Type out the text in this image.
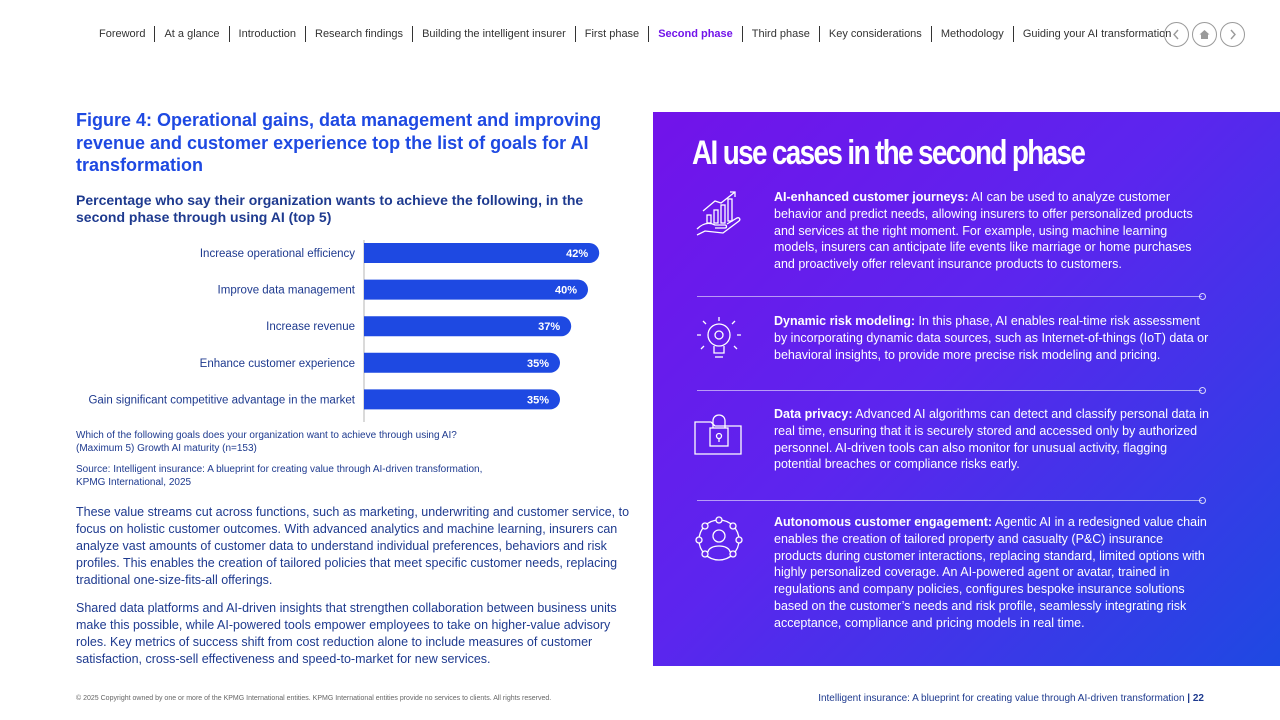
Foreword	At a glance	Introduction	Research findings	Building the intelligent insurer	First phase	Second phase	Third phase	Key considerations	Methodology	Guiding your AI transformation
Figure 4: Operational gains, data management and improving revenue and customer experience top the list of goals for AI transformation
Percentage who say their organization wants to achieve the following, in the second phase through using AI (top 5)
Increase operational efficiency	42%
Improve data management	40%
Increase revenue	37%
Enhance customer experience	35%
Gain significant competitive advantage in the market	35%
Which of the following goals does your organization want to achieve through using AI?
(Maximum 5) Growth AI maturity (n=153)
Source: Intelligent insurance: A blueprint for creating value through AI-driven transformation,
KPMG International, 2025

These value streams cut across functions, such as marketing, underwriting and customer service, to focus on holistic customer outcomes. With advanced analytics and machine learning, insurers can analyze vast amounts of customer data to understand individual preferences, behaviors and risk profiles. This enables the creation of tailored policies that meet specific customer needs, replacing traditional one-size-fits-all offerings.

Shared data platforms and AI-driven insights that strengthen collaboration between business units make this possible, while AI-powered tools empower employees to take on higher-value advisory roles. Key metrics of success shift from cost reduction alone to include measures of customer satisfaction, cross-sell effectiveness and speed-to-market for new services.

AI use cases in the second phase
AI-enhanced customer journeys: AI can be used to analyze customer behavior and predict needs, allowing insurers to offer personalized products and services at the right moment. For example, using machine learning models, insurers can anticipate life events like marriage or home purchases and proactively offer relevant insurance products to customers.
Dynamic risk modeling: In this phase, AI enables real-time risk assessment by incorporating dynamic data sources, such as Internet-of-things (IoT) data or behavioral insights, to provide more precise risk modeling and pricing.
Data privacy: Advanced AI algorithms can detect and classify personal data in real time, ensuring that it is securely stored and accessed only by authorized personnel. AI-driven tools can also monitor for unusual activity, flagging potential breaches or compliance risks early.
Autonomous customer engagement: Agentic AI in a redesigned value chain enables the creation of tailored property and casualty (P&C) insurance products during customer interactions, replacing standard, limited options with highly personalized coverage. An AI-powered agent or avatar, trained in regulations and company policies, configures bespoke insurance solutions based on the customer’s needs and risk profile, seamlessly integrating risk acceptance, compliance and pricing models in real time.
© 2025 Copyright owned by one or more of the KPMG International entities. KPMG International entities provide no services to clients. All rights reserved.	Intelligent insurance: A blueprint for creating value through AI-driven transformation | 22
